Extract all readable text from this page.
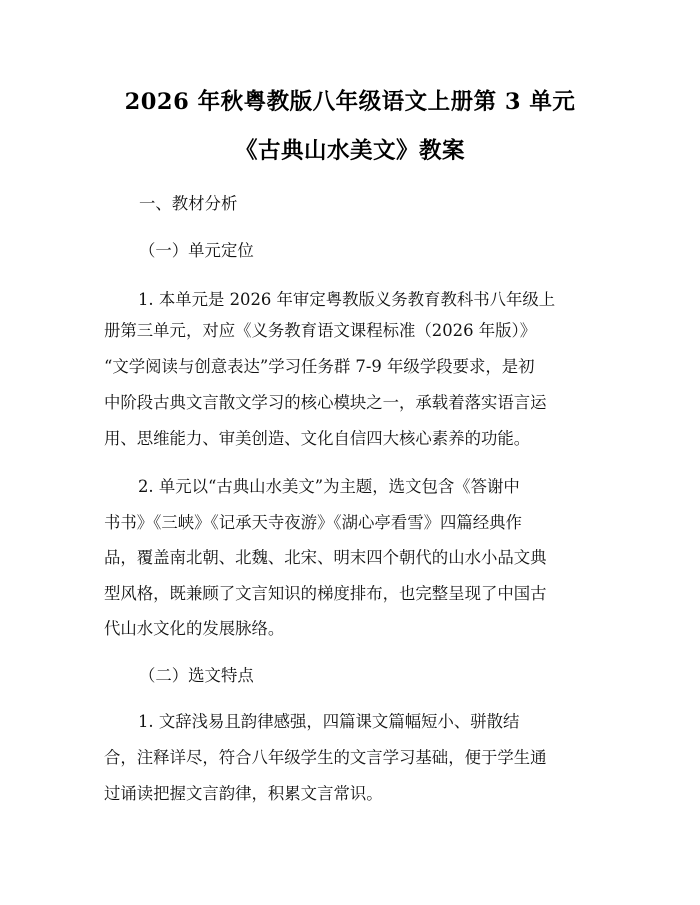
2026 年秋粤教版八年级语文上册第 3 单元
《古典山水美文》教案
一、教材分析
（一）单元定位
1. 本单元是 2026 年审定粤教版义务教育教科书八年级上
册第三单元，对应《义务教育语文课程标准（2026 年版）》
“文学阅读与创意表达”学习任务群 7-9 年级学段要求，是初
中阶段古典文言散文学习的核心模块之一，承载着落实语言运
用、思维能力、审美创造、文化自信四大核心素养的功能。
2. 单元以“古典山水美文”为主题，选文包含《答谢中
书书》《三峡》《记承天寺夜游》《湖心亭看雪》四篇经典作
品，覆盖南北朝、北魏、北宋、明末四个朝代的山水小品文典
型风格，既兼顾了文言知识的梯度排布，也完整呈现了中国古
代山水文化的发展脉络。
（二）选文特点
1. 文辞浅易且韵律感强，四篇课文篇幅短小、骈散结
合，注释详尽，符合八年级学生的文言学习基础，便于学生通
过诵读把握文言韵律，积累文言常识。
